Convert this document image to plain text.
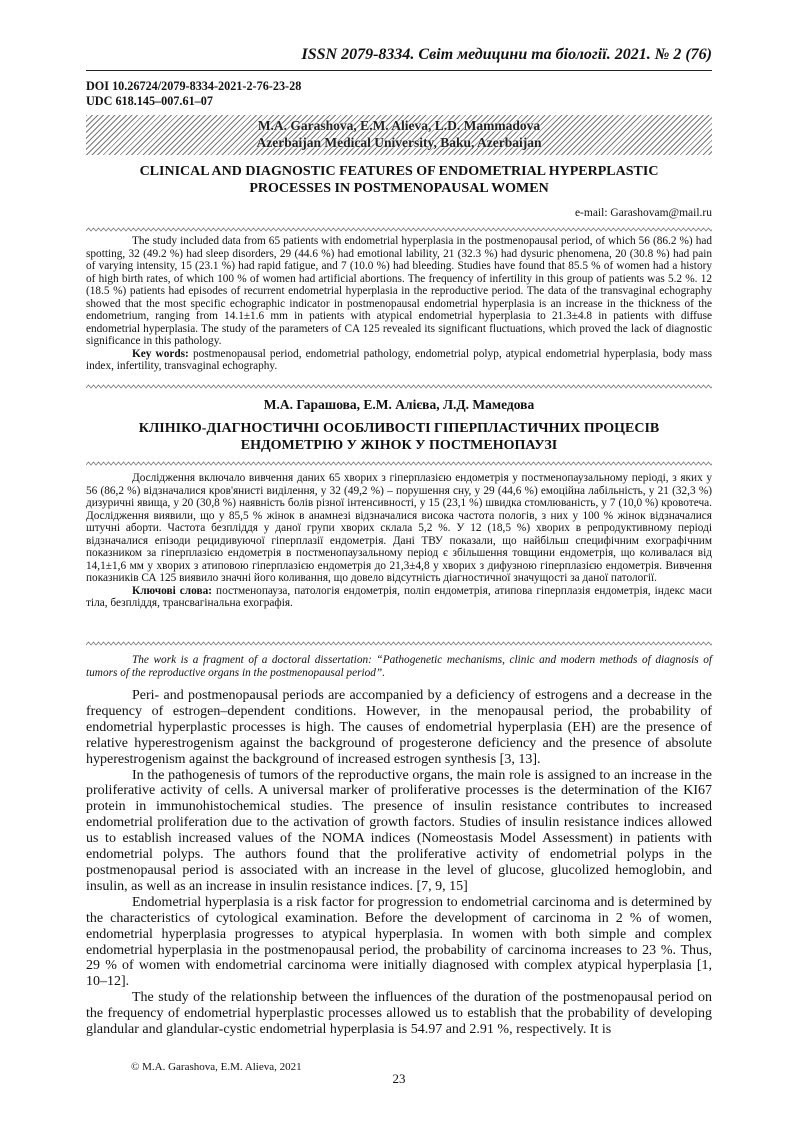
ISSN 2079-8334. Світ медицини та біології. 2021. № 2 (76)
DOI 10.26724/2079-8334-2021-2-76-23-28
UDC 618.145–007.61–07
M.A. Garashova, E.M. Alieva, L.D. Mammadova
Azerbaijan Medical University, Baku, Azerbaijan
CLINICAL AND DIAGNOSTIC FEATURES OF ENDOMETRIAL HYPERPLASTIC
PROCESSES IN POSTMENOPAUSAL WOMEN
e-mail: Garashovam@mail.ru

The study included data from 65 patients with endometrial hyperplasia in the postmenopausal period, of which 56 (86.2 %) had spotting, 32 (49.2 %) had sleep disorders, 29 (44.6 %) had emotional lability, 21 (32.3 %) had dysuric phenomena, 20 (30.8 %) had pain of varying intensity, 15 (23.1 %) had rapid fatigue, and 7 (10.0 %) had bleeding. Studies have found that 85.5 % of women had a history of high birth rates, of which 100 % of women had artificial abortions. The frequency of infertility in this group of patients was 5.2 %. 12 (18.5 %) patients had episodes of recurrent endometrial hyperplasia in the reproductive period. The data of the transvaginal echography showed that the most specific echographic indicator in postmenopausal endometrial hyperplasia is an increase in the thickness of the endometrium, ranging from 14.1±1.6 mm in patients with atypical endometrial hyperplasia to 21.3±4.8 in patients with diffuse endometrial hyperplasia. The study of the parameters of CA 125 revealed its significant fluctuations, which proved the lack of diagnostic significance in this pathology.

Key words: postmenopausal period, endometrial pathology, endometrial polyp, atypical endometrial hyperplasia, body mass index, infertility, transvaginal echography.

М.А. Гарашова, Е.М. Алієва, Л.Д. Мамедова
КЛІНІКО-ДІАГНОСТИЧНІ ОСОБЛИВОСТІ ГІПЕРПЛАСТИЧНИХ ПРОЦЕСІВ
ЕНДОМЕТРІЮ У ЖІНОК У ПОСТМЕНОПАУЗІ

Дослідження включало вивчення даних 65 хворих з гіперплазією ендометрія у постменопаузальному періоді, з яких у 56 (86,2 %) відзначалися кров'янисті виділення, у 32 (49,2 %) – порушення сну, у 29 (44,6 %) емоційна лабільність, у 21 (32,3 %) дизуричні явища, у 20 (30,8 %) наявність болів різної інтенсивності, у 15 (23,1 %) швидка стомлюваність, у 7 (10,0 %) кровотеча. Дослідження виявили, що у 85,5 % жінок в анамнезі відзначалися висока частота пологів, з них у 100 % жінок відзначалися штучні аборти. Частота безпліддя у даної групи хворих склала 5,2 %. У 12 (18,5 %) хворих в репродуктивному періоді відзначалися епізоди рецидивуючої гіперплазії ендометрія. Дані ТВУ показали, що найбільш специфічним ехографічним показником за гіперплазією ендометрія в постменопаузальному період є збільшення товщини ендометрія, що коливалася від 14,1±1,6 мм у хворих з атиповою гіперплазією ендометрія до 21,3±4,8 у хворих з дифузною гіперплазією ендометрія. Вивчення показників СА 125 виявило значні його коливання, що довело відсутність діагностичної значущості за даної патології.

Ключові слова: постменопауза, патологія ендометрія, поліп ендометрія, атипова гіперплазія ендометрія, індекс маси тіла, безпліддя, трансвагінальна ехографія.

The work is a fragment of a doctoral dissertation: “Pathogenetic mechanisms, clinic and modern methods of diagnosis of tumors of the reproductive organs in the postmenopausal period”.

Peri- and postmenopausal periods are accompanied by a deficiency of estrogens and a decrease in the frequency of estrogen–dependent conditions. However, in the menopausal period, the probability of endometrial hyperplastic processes is high. The causes of endometrial hyperplasia (EH) are the presence of relative hyperestrogenism against the background of progesterone deficiency and the presence of absolute hyperestrogenism against the background of increased estrogen synthesis [3, 13].

In the pathogenesis of tumors of the reproductive organs, the main role is assigned to an increase in the proliferative activity of cells. A universal marker of proliferative processes is the determination of the KI67 protein in immunohistochemical studies. The presence of insulin resistance contributes to increased endometrial proliferation due to the activation of growth factors. Studies of insulin resistance indices allowed us to establish increased values of the NOMA indices (Nomeostasis Model Assessment) in patients with endometrial polyps. The authors found that the proliferative activity of endometrial polyps in the postmenopausal period is associated with an increase in the level of glucose, glucolized hemoglobin, and insulin, as well as an increase in insulin resistance indices. [7, 9, 15]

Endometrial hyperplasia is a risk factor for progression to endometrial carcinoma and is determined by the characteristics of cytological examination. Before the development of carcinoma in 2 % of women, endometrial hyperplasia progresses to atypical hyperplasia. In women with both simple and complex endometrial hyperplasia in the postmenopausal period, the probability of carcinoma increases to 23 %. Thus, 29 % of women with endometrial carcinoma were initially diagnosed with complex atypical hyperplasia [1, 10–12].

The study of the relationship between the influences of the duration of the postmenopausal period on the frequency of endometrial hyperplastic processes allowed us to establish that the probability of developing glandular and glandular-cystic endometrial hyperplasia is 54.97 and 2.91 %, respectively. It is

© M.A. Garashova, E.M. Alieva, 2021
23
